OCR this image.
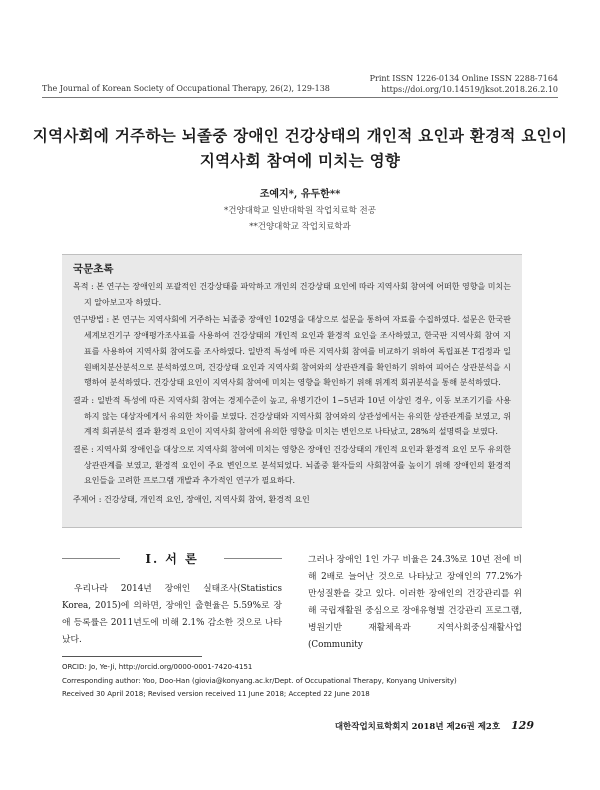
The Journal of Korean Society of Occupational Therapy, 26(2), 129-138
Print ISSN 1226-0134 Online ISSN 2288-7164
https://doi.org/10.14519/jksot.2018.26.2.10
지역사회에 거주하는 뇌졸중 장애인 건강상태의 개인적 요인과 환경적 요인이
지역사회 참여에 미치는 영향
조예지*, 유두한**
*건양대학교 일반대학원 작업치료학 전공
**건양대학교 작업치료학과
국문초록
목적 : 본 연구는 장애인의 포괄적인 건강상태를 파악하고 개인의 건강상태 요인에 따라 지역사회 참여에 어떠한 영향을 미치는지 알아보고자 하였다.
연구방법 : 본 연구는 지역사회에 거주하는 뇌졸중 장애인 102명을 대상으로 설문을 통하여 자료를 수집하였다. 설문은 한국판 세계보건기구 장애평가조사표를 사용하여 건강상태의 개인적 요인과 환경적 요인을 조사하였고, 한국판 지역사회 참여 지표를 사용하여 지역사회 참여도를 조사하였다. 일반적 특성에 따른 지역사회 참여를 비교하기 위하여 독립표본 T검정과 일원배치분산분석으로 분석하였으며, 건강상태 요인과 지역사회 참여와의 상관관계를 확인하기 위하여 피어슨 상관분석을 시행하여 분석하였다. 건강상태 요인이 지역사회 참여에 미치는 영향을 확인하기 위해 위계적 회귀분석을 통해 분석하였다.
결과 : 일반적 특성에 따른 지역사회 참여는 경제수준이 높고, 유병기간이 1~5년과 10년 이상인 경우, 이동 보조기기를 사용하지 않는 대상자에게서 유의한 차이를 보였다. 건강상태와 지역사회 참여와의 상관성에서는 유의한 상관관계를 보였고, 위계적 회귀분석 결과 환경적 요인이 지역사회 참여에 유의한 영향을 미치는 변인으로 나타났고, 28%의 설명력을 보였다.
결론 : 지역사회 장애인을 대상으로 지역사회 참여에 미치는 영향은 장애인 건강상태의 개인적 요인과 환경적 요인 모두 유의한 상관관계를 보였고, 환경적 요인이 주요 변인으로 분석되었다. 뇌졸중 환자들의 사회참여를 높이기 위해 장애인의 환경적 요인들을 고려한 프로그램 개발과 추가적인 연구가 필요하다.
주제어 : 건강상태, 개인적 요인, 장애인, 지역사회 참여, 환경적 요인
Ⅰ. 서 론

우리나라 2014년 장애인 실태조사(Statistics Korea, 2015)에 의하면, 장애인 출현율은 5.59%로 장애 등록률은 2011년도에 비해 2.1% 감소한 것으로 나타났다.

그러나 장애인 1인 가구 비율은 24.3%로 10년 전에 비해 2배로 늘어난 것으로 나타났고 장애인의 77.2%가 만성질환을 갖고 있다. 이러한 장애인의 건강관리를 위해 국립재활원 중심으로 장애유형별 건강관리 프로그램, 병원기반 재활체육과 지역사회중심재활사업(Community

ORCID: Jo, Ye-Ji, http://orcid.org/0000-0001-7420-4151
Corresponding author: Yoo, Doo-Han (giovia@konyang.ac.kr/Dept. of Occupational Therapy, Konyang University)
Received 30 April 2018; Revised version received 11 June 2018; Accepted 22 June 2018
대한작업치료학회지 2018년 제26권 제2호 129
